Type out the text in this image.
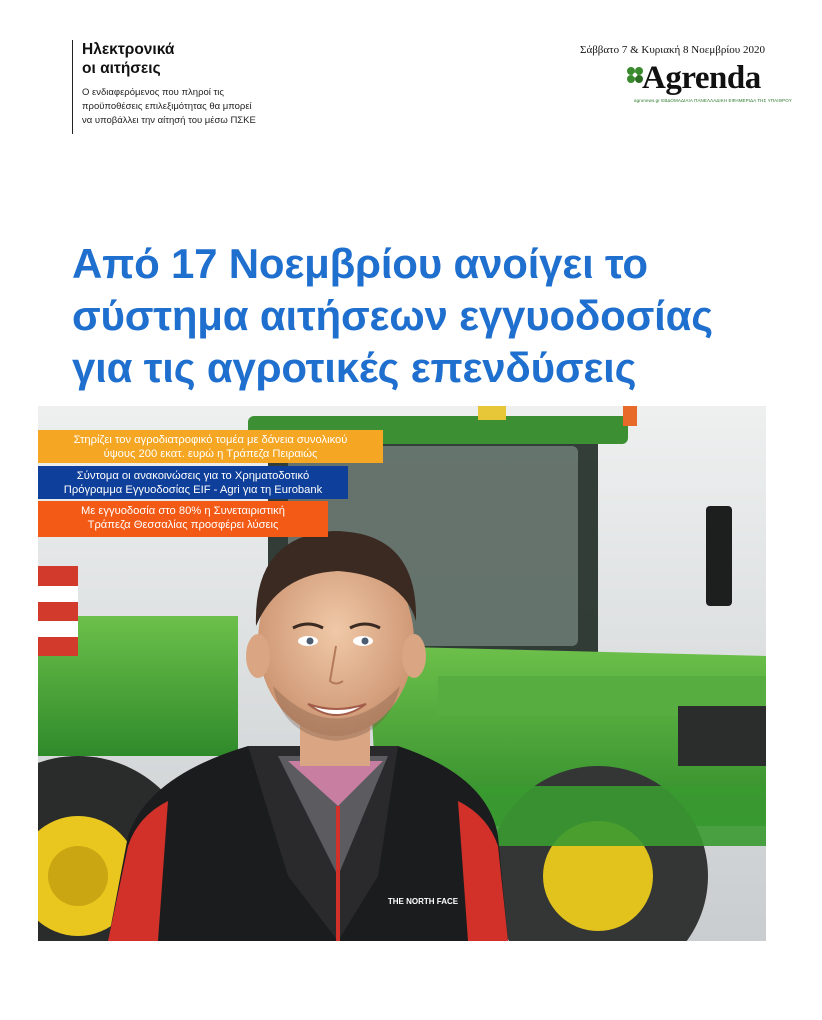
Ηλεκτρονικά
οι αιτήσεις
Ο ενδιαφερόμενος που πληροί τις προϋποθέσεις επιλεξιμότητας θα μπορεί να υποβάλλει την αίτησή του μέσω ΠΣΚΕ
Σάββατο 7 & Κυριακή 8 Νοεμβρίου 2020
Agrenda
agronews.gr ΕΒΔΟΜΑΔΙΑΙΑ ΠΑΝΕΛΛΑΔΙΚΗ ΕΦΗΜΕΡΙΔΑ ΤΗΣ ΥΠΑΙΘΡΟΥ
Από 17 Νοεμβρίου ανοίγει το
σύστημα αιτήσεων εγγυοδοσίας
για τις αγροτικές επενδύσεις
THE NORTH FACE
Στηρίζει τον αγροδιατροφικό τομέα με δάνεια συνολικού
ύψους 200 εκατ. ευρώ η Τράπεζα Πειραιώς
Σύντομα οι ανακοινώσεις για το Χρηματοδοτικό
Πρόγραμμα Εγγυοδοσίας EIF - Agri για τη Eurobank
Με εγγυοδοσία στο 80% η Συνεταιριστική
Τράπεζα Θεσσαλίας προσφέρει λύσεις
